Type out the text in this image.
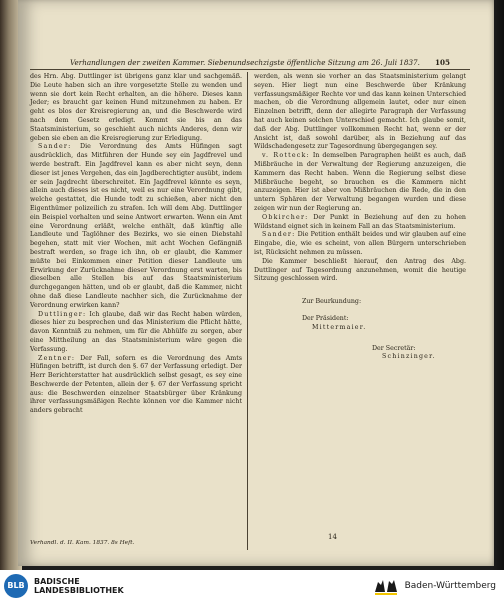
Verhandlungen der zweiten Kammer. Siebenundsechzigste öffentliche Sitzung am 26. Juli 1837. 105

des Hrn. Abg. Duttlinger ist übrigens ganz klar und sachgemäß. Die Leute haben sich an ihre vorgesetzte Stelle zu wenden und wenn sie dort kein Recht erhalten, an die höhere. Dieses kann Jeder; es braucht gar keinen Hund mitzunehmen zu haben. Er geht es blos der Kreisregierung an, und die Beschwerde wird nach dem Gesetz erledigt. Kommt sie bis an das Staatsministerium, so geschieht auch nichts Anderes, denn wir geben sie eben an die Kreisregierung zur Erledigung.

Sander: Die Verordnung des Amts Hüfingen sagt ausdrücklich, das Mitführen der Hunde sey ein Jagdfrevel und werde bestraft. Ein Jagdfrevel kann es aber nicht seyn, denn dieser ist jenes Vergehen, das ein Jagdberechtigter ausübt, indem er sein Jagdrecht überschreitet. Ein Jagdfrevel könnte es seyn, allein auch dieses ist es nicht, weil es nur eine Verordnung gibt, welche gestattet, die Hunde todt zu schießen, aber nicht den Eigenthümer polizeilich zu strafen. Ich will dem Abg. Duttlinger ein Beispiel vorhalten und seine Antwort erwarten. Wenn ein Amt eine Verordnung erläßt, welche enthält, daß künftig alle Landleute und Taglöhner des Bezirks, wo sie einen Diebstahl begehen, statt mit vier Wochen, mit acht Wochen Gefängniß bestraft werden, so frage ich ihn, ob er glaubt, die Kammer müßte bei Einkommen einer Petition dieser Landleute um Erwirkung der Zurücknahme dieser Verordnung erst warten, bis dieselben alle Stellen bis auf das Staatsministerium durchgegangen hätten, und ob er glaubt, daß die Kammer, nicht ohne daß diese Landleute nachher sich, die Zurücknahme der Verordnung erwirken kann?

Duttlinger: Ich glaube, daß wir das Recht haben würden, dieses hier zu besprechen und das Ministerium die Pflicht hätte, davon Kenntniß zu nehmen, um für die Abhülfe zu sorgen, aber eine Mittheilung an das Staatsministerium wäre gegen die Verfassung.

Zentner: Der Fall, sofern es die Verordnung des Amts Hüfingen betrifft, ist durch den §. 67 der Verfassung erledigt. Der Herr Berichterstatter hat ausdrücklich selbst gesagt, es sey eine Beschwerde der Petenten, allein der §. 67 der Verfassung spricht aus: die Beschwerden einzelner Staatsbürger über Kränkung ihrer verfassungsmäßigen Rechte können vor die Kammer nicht anders gebracht

werden, als wenn sie vorher an das Staatsministerium gelangt seyen. Hier liegt nun eine Beschwerde über Kränkung verfassungsmäßiger Rechte vor und das kann keinen Unterschied machen, ob die Verordnung allgemein lautet, oder nur einen Einzelnen betrifft, denn der allegirte Paragraph der Verfassung hat auch keinen solchen Unterschied gemacht. Ich glaube somit, daß der Abg. Duttlinger vollkommen Recht hat, wenn er der Ansicht ist, daß sowohl darüber, als in Beziehung auf das Wildschadengesetz zur Tagesordnung übergegangen sey.

v. Rotteck: In demselben Paragraphen heißt es auch, daß Mißbräuche in der Verwaltung der Regierung anzuzeigen, die Kammern das Recht haben. Wenn die Regierung selbst diese Mißbräuche begeht, so brauchen es die Kammern nicht anzuzeigen. Hier ist aber von Mißbräuchen die Rede, die in den untern Sphären der Verwaltung begangen wurden und diese zeigen wir nun der Regierung an.

Obkircher: Der Punkt in Beziehung auf den zu hohen Wildstand eignet sich in keinem Fall an das Staatsministerium.

Sander: Die Petition enthält beides und wir glauben auf eine Eingabe, die, wie es scheint, von allen Bürgern unterschrieben ist, Rücksicht nehmen zu müssen.

Die Kammer beschließt hierauf, den Antrag des Abg. Duttlinger auf Tagesordnung anzunehmen, womit die heutige Sitzung geschlossen wird.

Zur Beurkundung:

Der Präsident:

Mittermaier.

Der Secretär:

Schinzinger.

Verhandl. d. II. Kam. 1837. 8s Heft.
14
BLB	BADISCHE
LANDESBIBLIOTHEK	Baden-Württemberg
